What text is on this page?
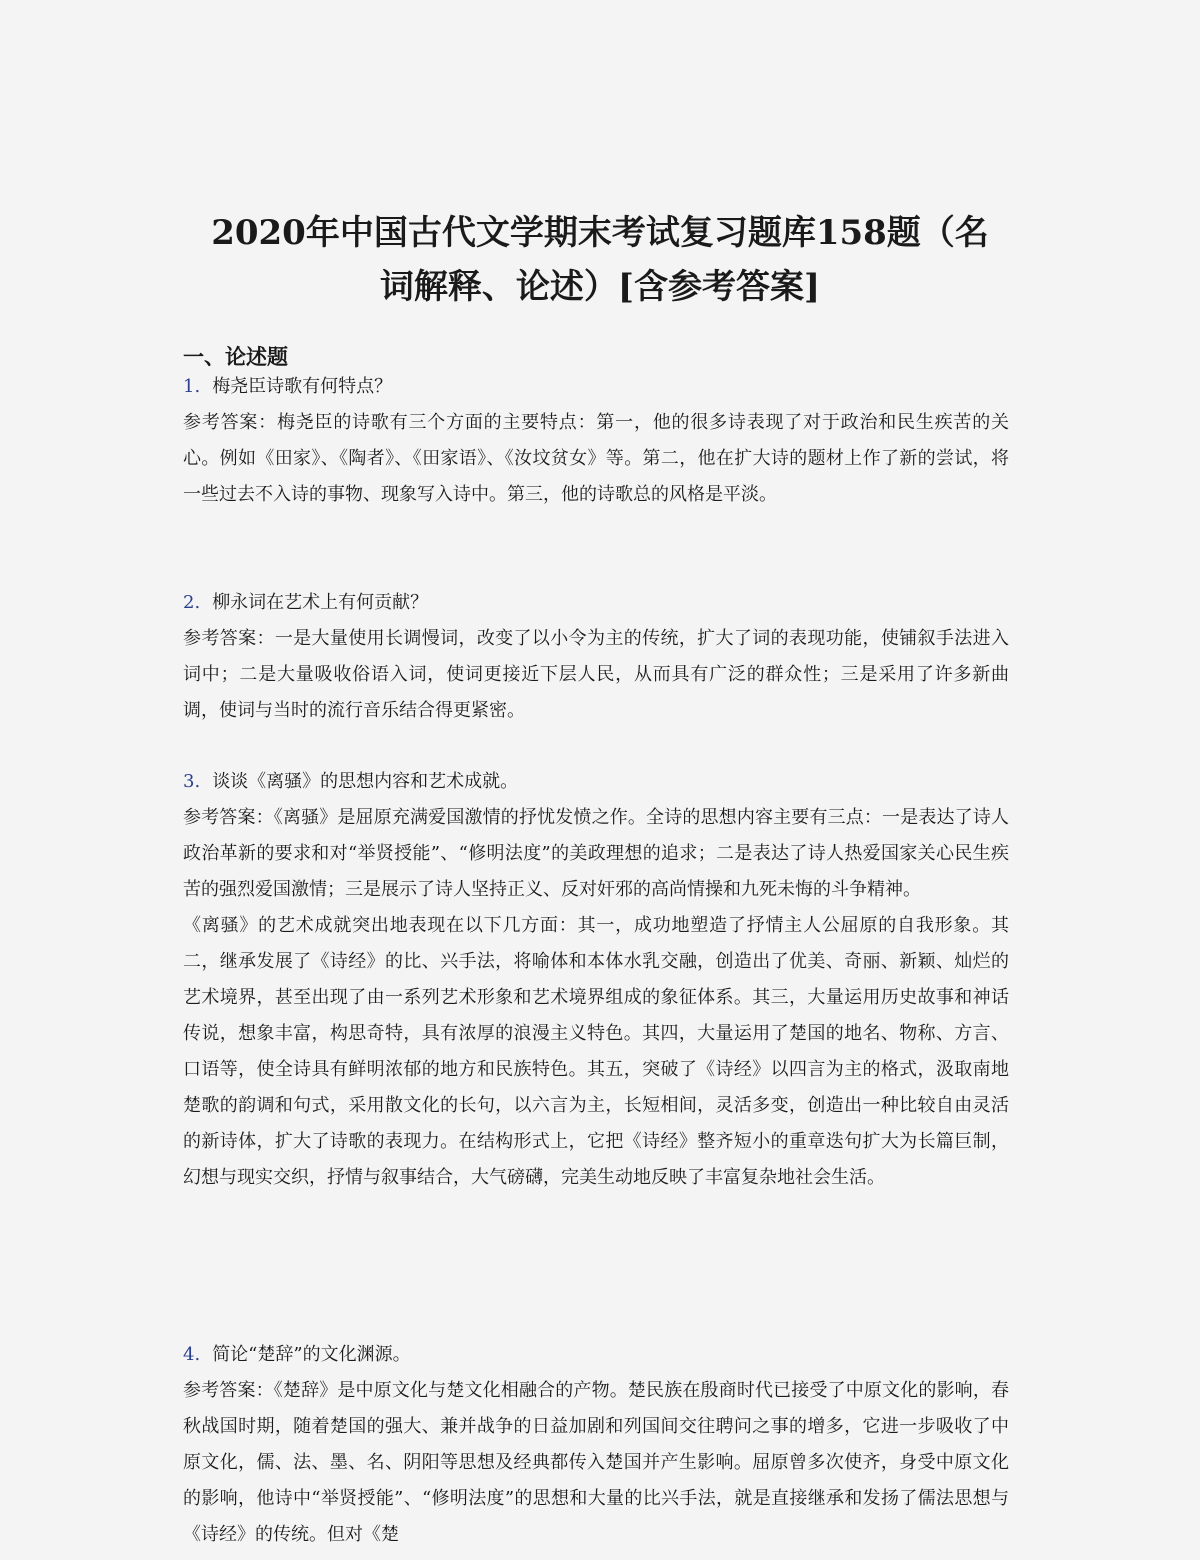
2020年中国古代文学期末考试复习题库158题（名
词解释、论述）[含参考答案]
一、论述题

1. 梅尧臣诗歌有何特点？

参考答案：梅尧臣的诗歌有三个方面的主要特点：第一，他的很多诗表现了对于政治和民生疾苦的关心。例如《田家》、《陶者》、《田家语》、《汝坟贫女》等。第二，他在扩大诗的题材上作了新的尝试，将一些过去不入诗的事物、现象写入诗中。第三，他的诗歌总的风格是平淡。

2. 柳永词在艺术上有何贡献？

参考答案：一是大量使用长调慢词，改变了以小令为主的传统，扩大了词的表现功能，使铺叙手法进入词中；二是大量吸收俗语入词，使词更接近下层人民，从而具有广泛的群众性；三是采用了许多新曲调，使词与当时的流行音乐结合得更紧密。

3. 谈谈《离骚》的思想内容和艺术成就。

参考答案：《离骚》是屈原充满爱国激情的抒忧发愤之作。全诗的思想内容主要有三点：一是表达了诗人政治革新的要求和对“举贤授能”、“修明法度”的美政理想的追求；二是表达了诗人热爱国家关心民生疾苦的强烈爱国激情；三是展示了诗人坚持正义、反对奸邪的高尚情操和九死未悔的斗争精神。

《离骚》的艺术成就突出地表现在以下几方面：其一，成功地塑造了抒情主人公屈原的自我形象。其二，继承发展了《诗经》的比、兴手法，将喻体和本体水乳交融，创造出了优美、奇丽、新颖、灿烂的艺术境界，甚至出现了由一系列艺术形象和艺术境界组成的象征体系。其三，大量运用历史故事和神话传说，想象丰富，构思奇特，具有浓厚的浪漫主义特色。其四，大量运用了楚国的地名、物称、方言、口语等，使全诗具有鲜明浓郁的地方和民族特色。其五，突破了《诗经》以四言为主的格式，汲取南地楚歌的韵调和句式，采用散文化的长句，以六言为主，长短相间，灵活多变，创造出一种比较自由灵活的新诗体，扩大了诗歌的表现力。在结构形式上，它把《诗经》整齐短小的重章迭句扩大为长篇巨制，幻想与现实交织，抒情与叙事结合，大气磅礴，完美生动地反映了丰富复杂地社会生活。

4. 简论“楚辞”的文化渊源。

参考答案：《楚辞》是中原文化与楚文化相融合的产物。楚民族在殷商时代已接受了中原文化的影响，春秋战国时期，随着楚国的强大、兼并战争的日益加剧和列国间交往聘问之事的增多，它进一步吸收了中原文化，儒、法、墨、名、阴阳等思想及经典都传入楚国并产生影响。屈原曾多次使齐，身受中原文化的影响，他诗中“举贤授能”、“修明法度”的思想和大量的比兴手法，就是直接继承和发扬了儒法思想与《诗经》的传统。但对《楚
